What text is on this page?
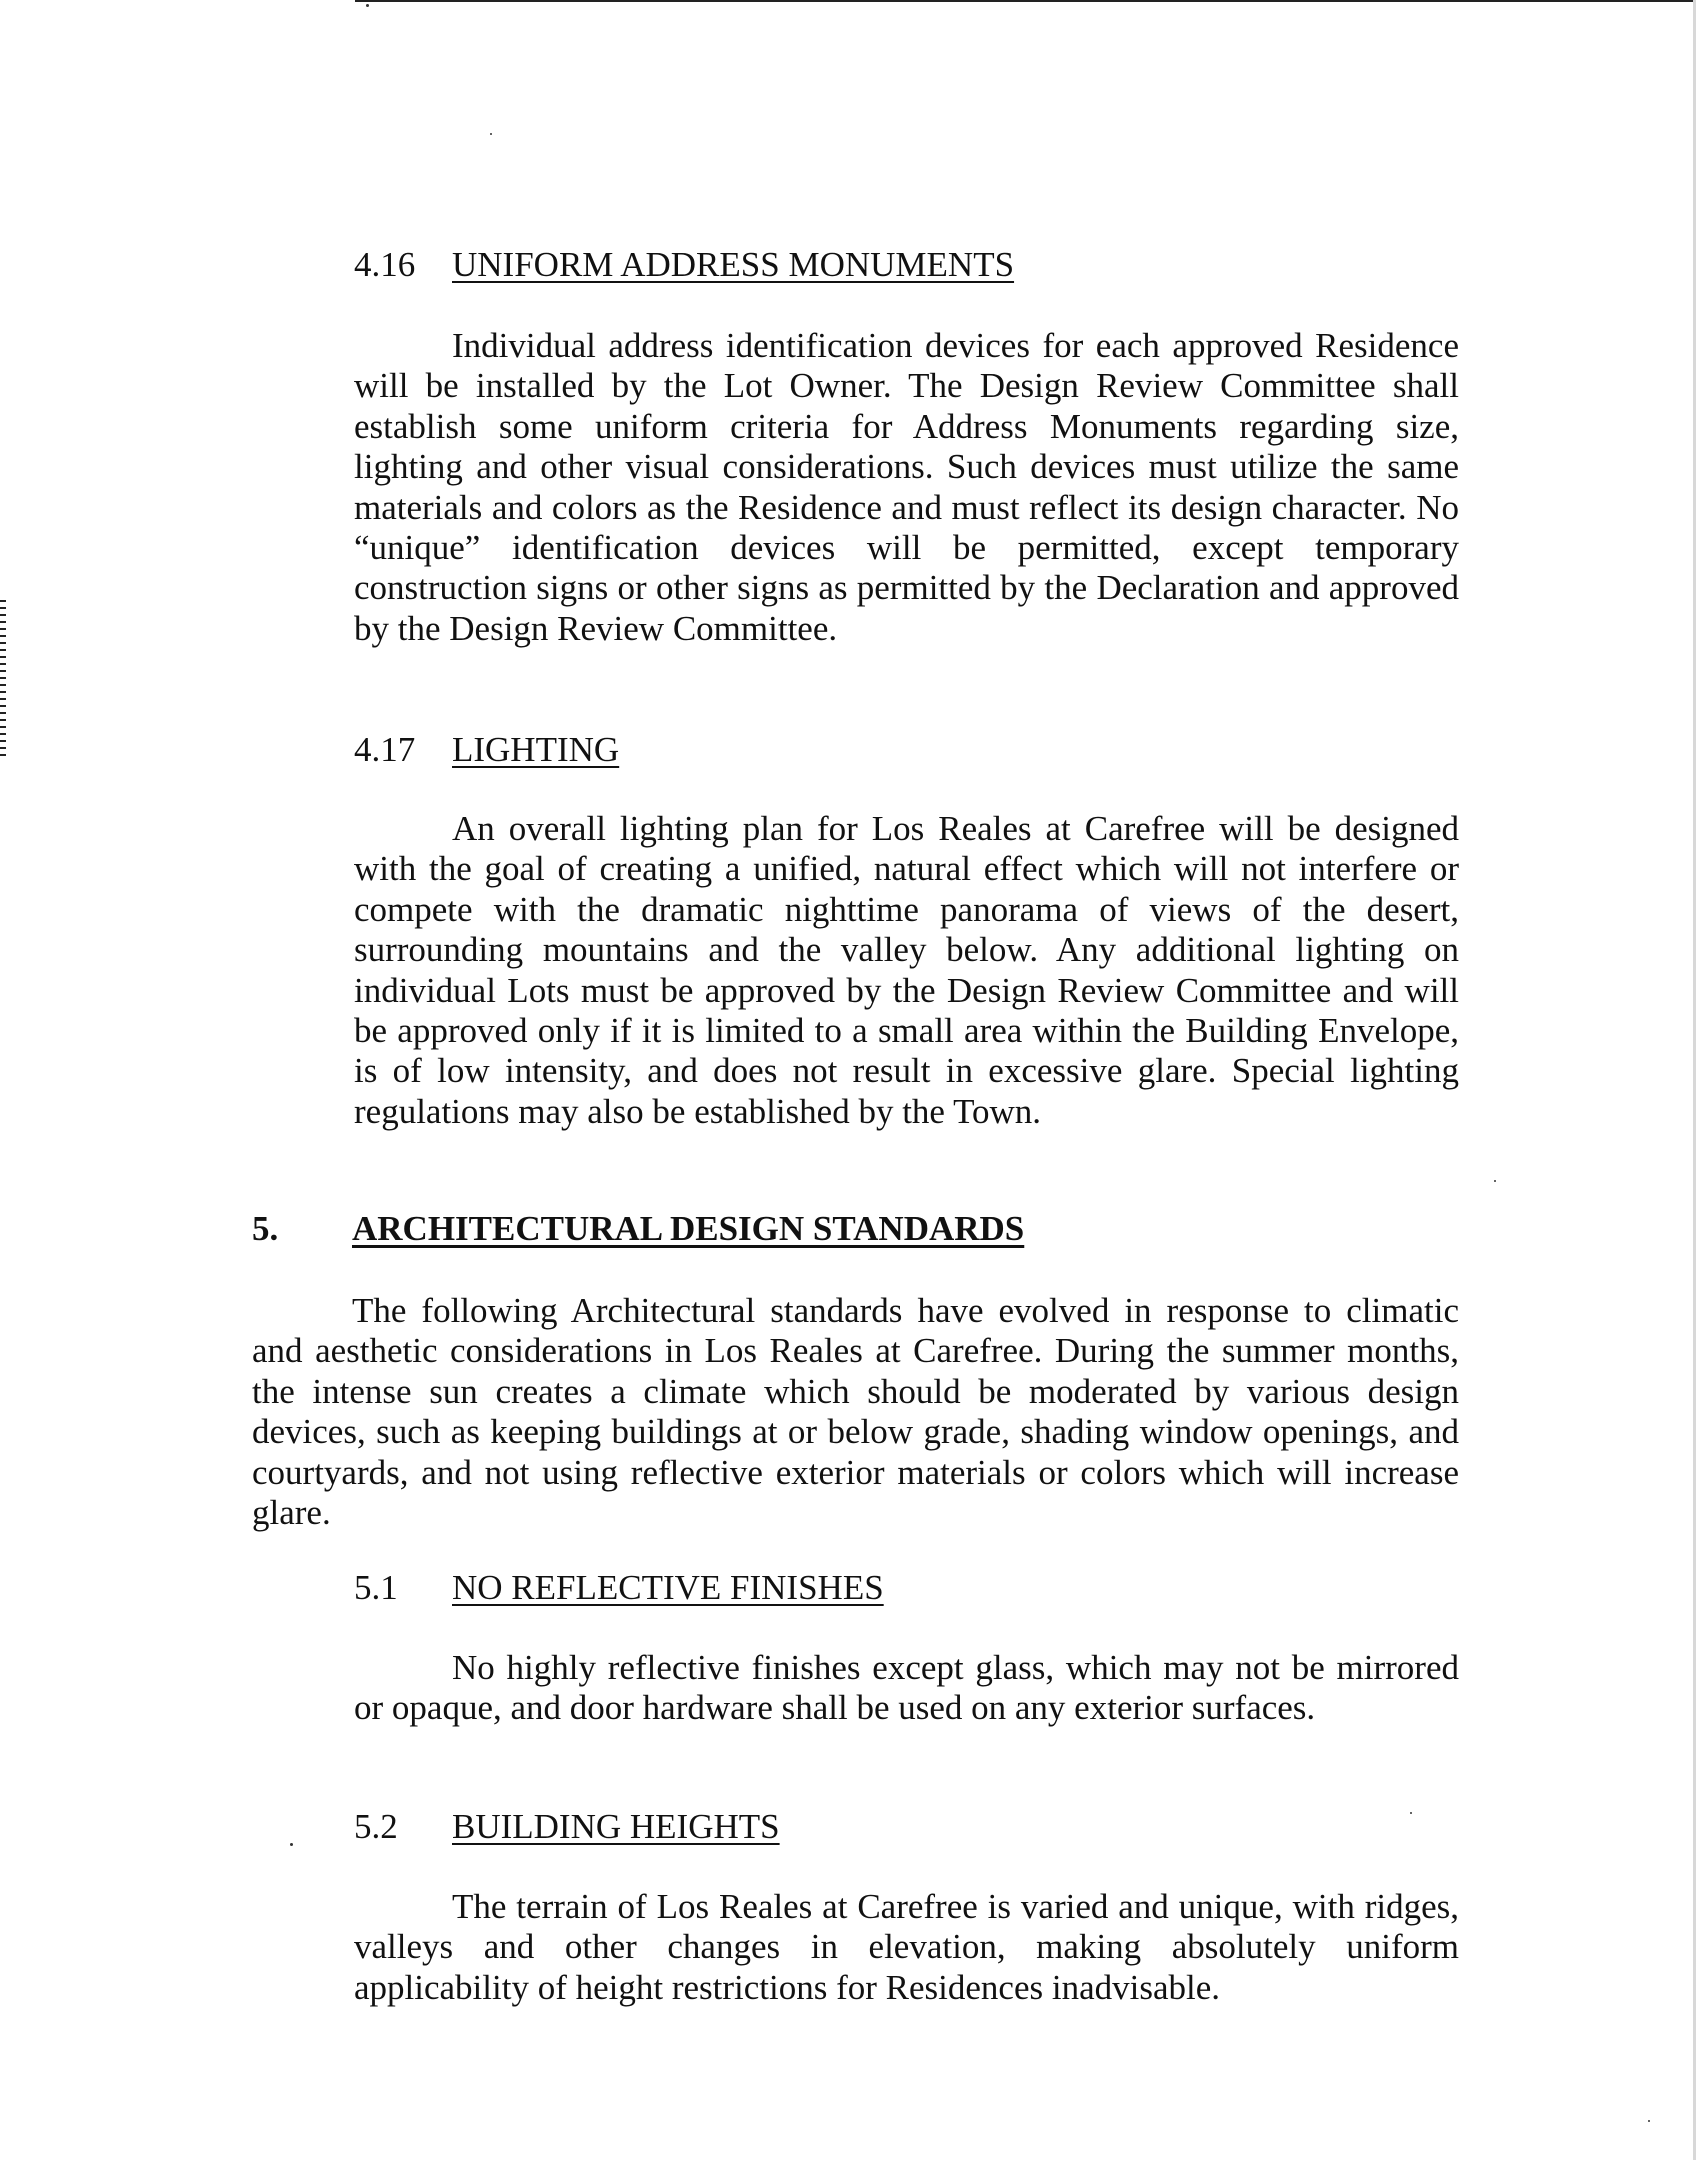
4.16 UNIFORM ADDRESS MONUMENTS

Individual address identification devices for each approved Residence will be installed by the Lot Owner. The Design Review Committee shall establish some uniform criteria for Address Monuments regarding size, lighting and other visual considerations. Such devices must utilize the same materials and colors as the Residence and must reflect its design character. No “unique” identification devices will be permitted, except temporary construction signs or other signs as permitted by the Declaration and approved by the Design Review Committee.

4.17 LIGHTING

An overall lighting plan for Los Reales at Carefree will be designed with the goal of creating a unified, natural effect which will not interfere or compete with the dramatic nighttime panorama of views of the desert, surrounding mountains and the valley below. Any additional lighting on individual Lots must be approved by the Design Review Committee and will be approved only if it is limited to a small area within the Building Envelope, is of low intensity, and does not result in excessive glare. Special lighting regulations may also be established by the Town.

5. ARCHITECTURAL DESIGN STANDARDS

The following Architectural standards have evolved in response to climatic and aesthetic considerations in Los Reales at Carefree. During the summer months, the intense sun creates a climate which should be moderated by various design devices, such as keeping buildings at or below grade, shading window openings, and courtyards, and not using reflective exterior materials or colors which will increase glare.

5.1 NO REFLECTIVE FINISHES

No highly reflective finishes except glass, which may not be mirrored or opaque, and door hardware shall be used on any exterior surfaces.

5.2 BUILDING HEIGHTS

The terrain of Los Reales at Carefree is varied and unique, with ridges, valleys and other changes in elevation, making absolutely uniform applicability of height restrictions for Residences inadvisable.
